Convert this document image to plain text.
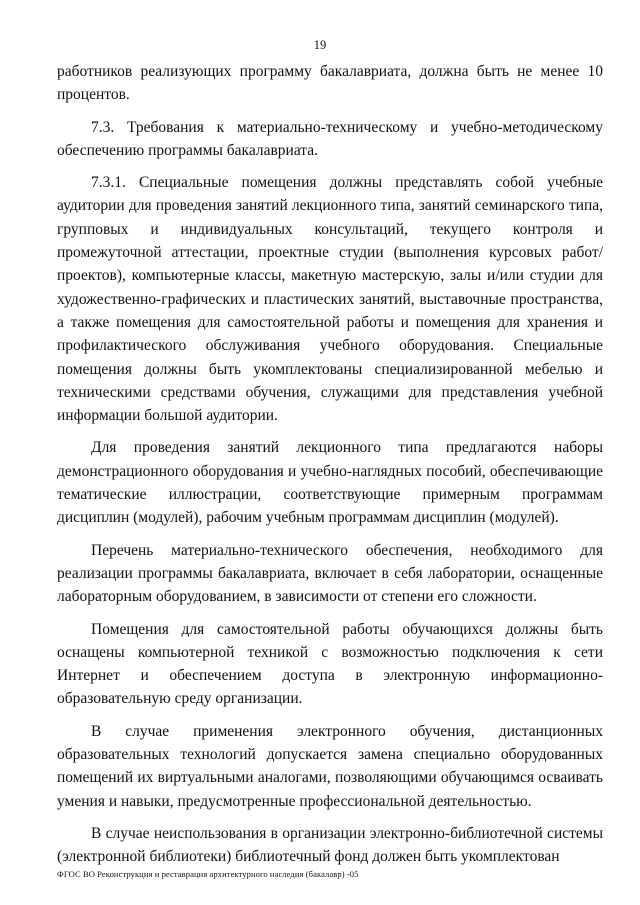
19

работников реализующих программу бакалавриата, должна быть не менее 10 процентов.

7.3. Требования к материально-техническому и учебно-методическому обеспечению программы бакалавриата.

7.3.1. Специальные помещения должны представлять собой учебные аудитории для проведения занятий лекционного типа, занятий семинарского типа, групповых и индивидуальных консультаций, текущего контроля и промежуточной аттестации, проектные студии (выполнения курсовых работ/проектов), компьютерные классы, макетную мастерскую, залы и/или студии для художественно-графических и пластических занятий, выставочные пространства, а также помещения для самостоятельной работы и помещения для хранения и профилактического обслуживания учебного оборудования. Специальные помещения должны быть укомплектованы специализированной мебелью и техническими средствами обучения, служащими для представления учебной информации большой аудитории.

Для проведения занятий лекционного типа предлагаются наборы демонстрационного оборудования и учебно-наглядных пособий, обеспечивающие тематические иллюстрации, соответствующие примерным программам дисциплин (модулей), рабочим учебным программам дисциплин (модулей).

Перечень материально-технического обеспечения, необходимого для реализации программы бакалавриата, включает в себя лаборатории, оснащенные лабораторным оборудованием, в зависимости от степени его сложности.

Помещения для самостоятельной работы обучающихся должны быть оснащены компьютерной техникой с возможностью подключения к сети Интернет и обеспечением доступа в электронную информационно-образовательную среду организации.

В случае применения электронного обучения, дистанционных образовательных технологий допускается замена специально оборудованных помещений их виртуальными аналогами, позволяющими обучающимся осваивать умения и навыки, предусмотренные профессиональной деятельностью.

В случае неиспользования в организации электронно-библиотечной системы (электронной библиотеки) библиотечный фонд должен быть укомплектован

ФГОС ВО Реконструкция и реставрация архитектурного наследия (бакалавр) -05
